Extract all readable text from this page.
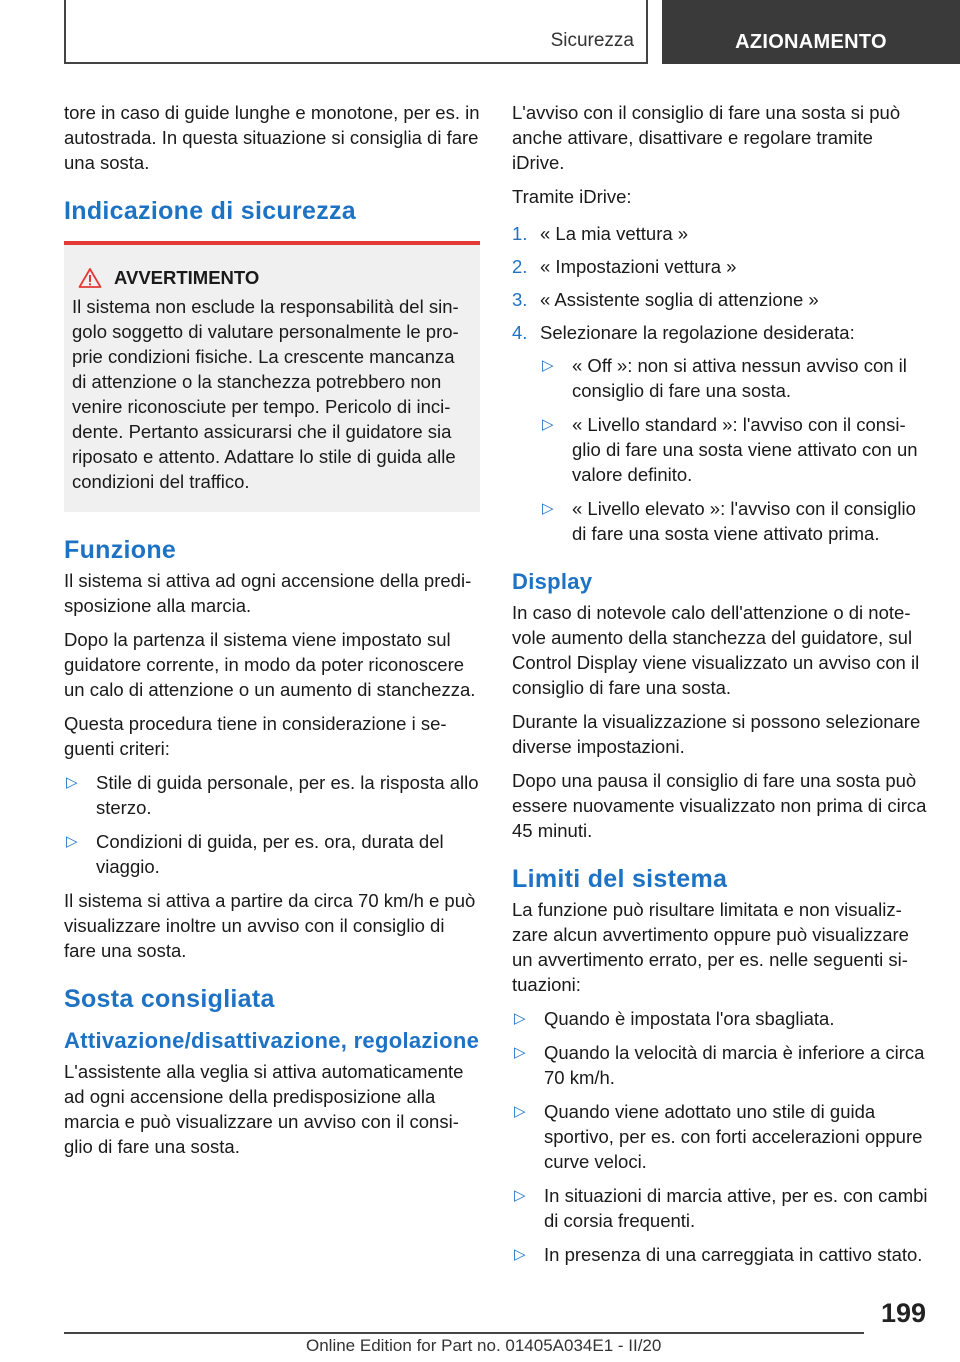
Sicurezza	AZIONAMENTO

tore in caso di guide lunghe e monotone, per es. in autostrada. In questa situazione si consiglia di fare una sosta.

Indicazione di sicurezza
AVVERTIMENTO

Il sistema non esclude la responsabilità del singolo soggetto di valutare personalmente le proprie condizioni fisiche. La crescente mancanza di attenzione o la stanchezza potrebbero non venire riconosciute per tempo. Pericolo di incidente. Pertanto assicurarsi che il guidatore sia riposato e attento. Adattare lo stile di guida alle condizioni del traffico.

Funzione

Il sistema si attiva ad ogni accensione della predisposizione alla marcia.

Dopo la partenza il sistema viene impostato sul guidatore corrente, in modo da poter riconoscere un calo di attenzione o un aumento di stanchezza.

Questa procedura tiene in considerazione i seguenti criteri:

▷ Stile di guida personale, per es. la risposta allo sterzo.
▷ Condizioni di guida, per es. ora, durata del viaggio.

Il sistema si attiva a partire da circa 70 km/h e può visualizzare inoltre un avviso con il consiglio di fare una sosta.

Sosta consigliata
Attivazione/disattivazione, regolazione

L'assistente alla veglia si attiva automaticamente ad ogni accensione della predisposizione alla marcia e può visualizzare un avviso con il consiglio di fare una sosta.

L'avviso con il consiglio di fare una sosta si può anche attivare, disattivare e regolare tramite iDrive.

Tramite iDrive:

1. « La mia vettura »
2. « Impostazioni vettura »
3. « Assistente soglia di attenzione »
4. Selezionare la regolazione desiderata:
▷ « Off »: non si attiva nessun avviso con il consiglio di fare una sosta.
▷ « Livello standard »: l'avviso con il consiglio di fare una sosta viene attivato con un valore definito.
▷ « Livello elevato »: l'avviso con il consiglio di fare una sosta viene attivato prima.
Display

In caso di notevole calo dell'attenzione o di notevole aumento della stanchezza del guidatore, sul Control Display viene visualizzato un avviso con il consiglio di fare una sosta.

Durante la visualizzazione si possono selezionare diverse impostazioni.

Dopo una pausa il consiglio di fare una sosta può essere nuovamente visualizzato non prima di circa 45 minuti.

Limiti del sistema

La funzione può risultare limitata e non visualizzare alcun avvertimento oppure può visualizzare un avvertimento errato, per es. nelle seguenti situazioni:

▷ Quando è impostata l'ora sbagliata.
▷ Quando la velocità di marcia è inferiore a circa 70 km/h.
▷ Quando viene adottato uno stile di guida sportivo, per es. con forti accelerazioni oppure curve veloci.
▷ In situazioni di marcia attive, per es. con cambi di corsia frequenti.
▷ In presenza di una carreggiata in cattivo stato.
199
Online Edition for Part no. 01405A034E1 - II/20
